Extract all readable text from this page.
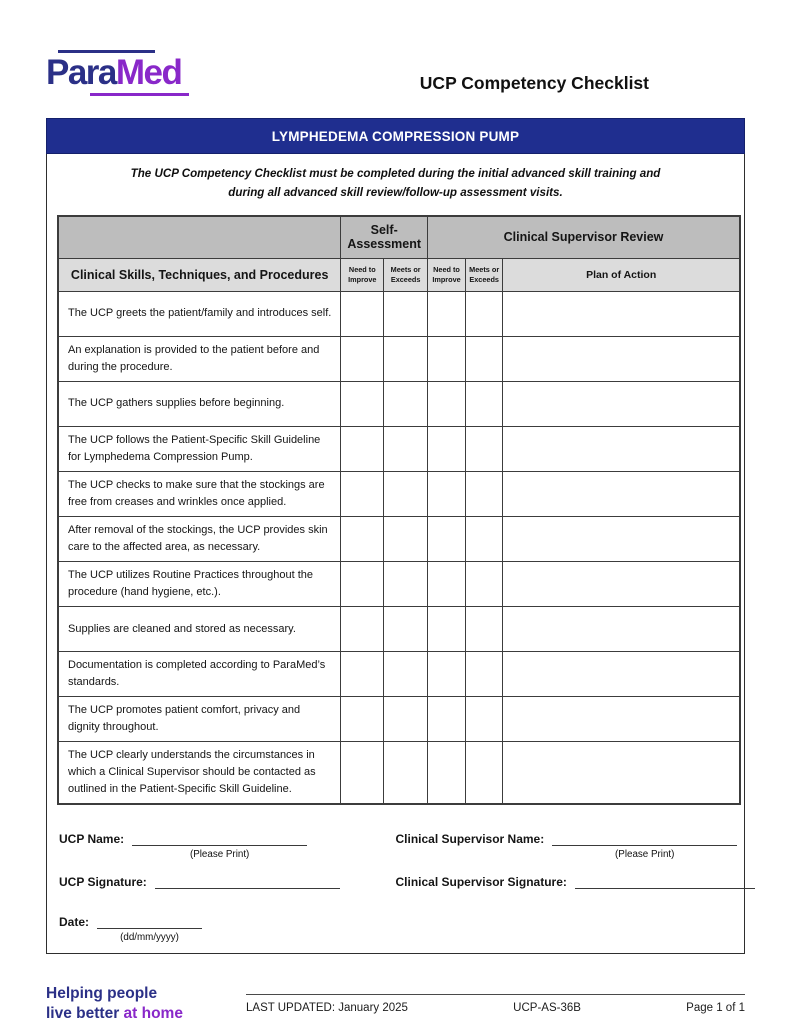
ParaMed	UCP Competency Checklist
LYMPHEDEMA COMPRESSION PUMP

The UCP Competency Checklist must be completed during the initial advanced skill training and
during all advanced skill review/follow-up assessment visits.

	Self-Assessment		Clinical Supervisor Review		
Clinical Skills, Techniques, and Procedures	Need to Improve	Meets or Exceeds	Need to Improve	Meets or Exceeds	Plan of Action
The UCP greets the patient/family and introduces self.					
An explanation is provided to the patient before and during the procedure.					
The UCP gathers supplies before beginning.					
The UCP follows the Patient-Specific Skill Guideline for Lymphedema Compression Pump.					
The UCP checks to make sure that the stockings are free from creases and wrinkles once applied.					
After removal of the stockings, the UCP provides skin care to the affected area, as necessary.					
The UCP utilizes Routine Practices throughout the procedure (hand hygiene, etc.).					
Supplies are cleaned and stored as necessary.					
Documentation is completed according to ParaMed’s standards.					
The UCP promotes patient comfort, privacy and dignity throughout.					
The UCP clearly understands the circumstances in which a Clinical Supervisor should be contacted as outlined in the Patient-Specific Skill Guideline.					
UCP Name:
(Please Print)
Clinical Supervisor Name:
(Please Print)
UCP Signature:	Clinical Supervisor Signature:
Date:
(dd/mm/yyyy)
Helping people
live better at home	LAST UPDATED: January 2025	UCP-AS-36B	Page 1 of 1
